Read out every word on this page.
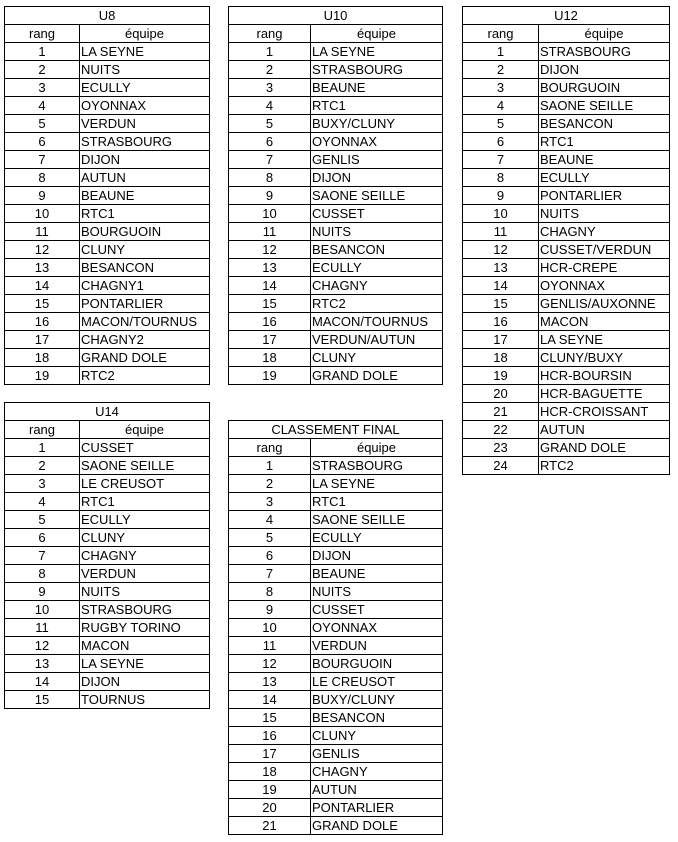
U8	
rang	équipe
1	LA SEYNE
2	NUITS
3	ECULLY
4	OYONNAX
5	VERDUN
6	STRASBOURG
7	DIJON
8	AUTUN
9	BEAUNE
10	RTC1
11	BOURGUOIN
12	CLUNY
13	BESANCON
14	CHAGNY1
15	PONTARLIER
16	MACON/TOURNUS
17	CHAGNY2
18	GRAND DOLE
19	RTC2
U10	
rang	équipe
1	LA SEYNE
2	STRASBOURG
3	BEAUNE
4	RTC1
5	BUXY/CLUNY
6	OYONNAX
7	GENLIS
8	DIJON
9	SAONE SEILLE
10	CUSSET
11	NUITS
12	BESANCON
13	ECULLY
14	CHAGNY
15	RTC2
16	MACON/TOURNUS
17	VERDUN/AUTUN
18	CLUNY
19	GRAND DOLE
U12	
rang	équipe
1	STRASBOURG
2	DIJON
3	BOURGUOIN
4	SAONE SEILLE
5	BESANCON
6	RTC1
7	BEAUNE
8	ECULLY
9	PONTARLIER
10	NUITS
11	CHAGNY
12	CUSSET/VERDUN
13	HCR-CREPE
14	OYONNAX
15	GENLIS/AUXONNE
16	MACON
17	LA SEYNE
18	CLUNY/BUXY
19	HCR-BOURSIN
20	HCR-BAGUETTE
21	HCR-CROISSANT
22	AUTUN
23	GRAND DOLE
24	RTC2
U14	
rang	équipe
1	CUSSET
2	SAONE SEILLE
3	LE CREUSOT
4	RTC1
5	ECULLY
6	CLUNY
7	CHAGNY
8	VERDUN
9	NUITS
10	STRASBOURG
11	RUGBY TORINO
12	MACON
13	LA SEYNE
14	DIJON
15	TOURNUS
CLASSEMENT FINAL	
rang	équipe
1	STRASBOURG
2	LA SEYNE
3	RTC1
4	SAONE SEILLE
5	ECULLY
6	DIJON
7	BEAUNE
8	NUITS
9	CUSSET
10	OYONNAX
11	VERDUN
12	BOURGUOIN
13	LE CREUSOT
14	BUXY/CLUNY
15	BESANCON
16	CLUNY
17	GENLIS
18	CHAGNY
19	AUTUN
20	PONTARLIER
21	GRAND DOLE
